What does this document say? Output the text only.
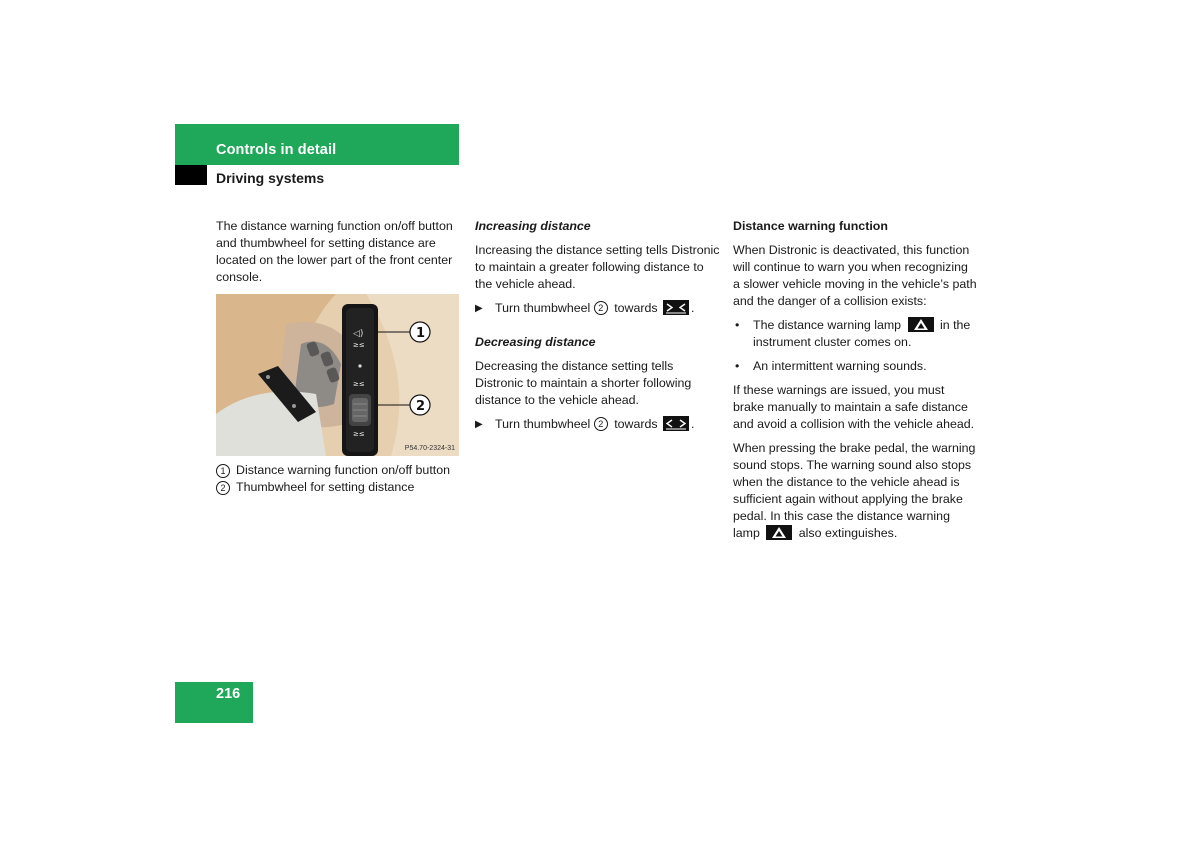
Controls in detail
Driving systems

The distance warning function on/off button and thumbwheel for setting distance are located on the lower part of the front center console.

◁)
≥≤
≥≤
≥≤
1
2
P54.70-2324-31
1 Distance warning function on/off button
2 Thumbwheel for setting distance

Increasing distance

Increasing the distance setting tells Distronic to maintain a greater following distance to the vehicle ahead.

▶ Turn thumbwheel 2 towards	.

Decreasing distance

Decreasing the distance setting tells Distronic to maintain a shorter following distance to the vehicle ahead.

▶ Turn thumbwheel 2 towards	.

Distance warning function

When Distronic is deactivated, this function will continue to warn you when recognizing a slower vehicle moving in the vehicle’s path and the danger of a collision exists:

• The distance warning lamp	in the instrument cluster comes on.
• An intermittent warning sounds.

If these warnings are issued, you must brake manually to maintain a safe distance and avoid a collision with the vehicle ahead.

When pressing the brake pedal, the warning sound stops. The warning sound also stops when the distance to the vehicle ahead is sufficient again without applying the brake pedal. In this case the distance warning lamp	also extinguishes.

216
